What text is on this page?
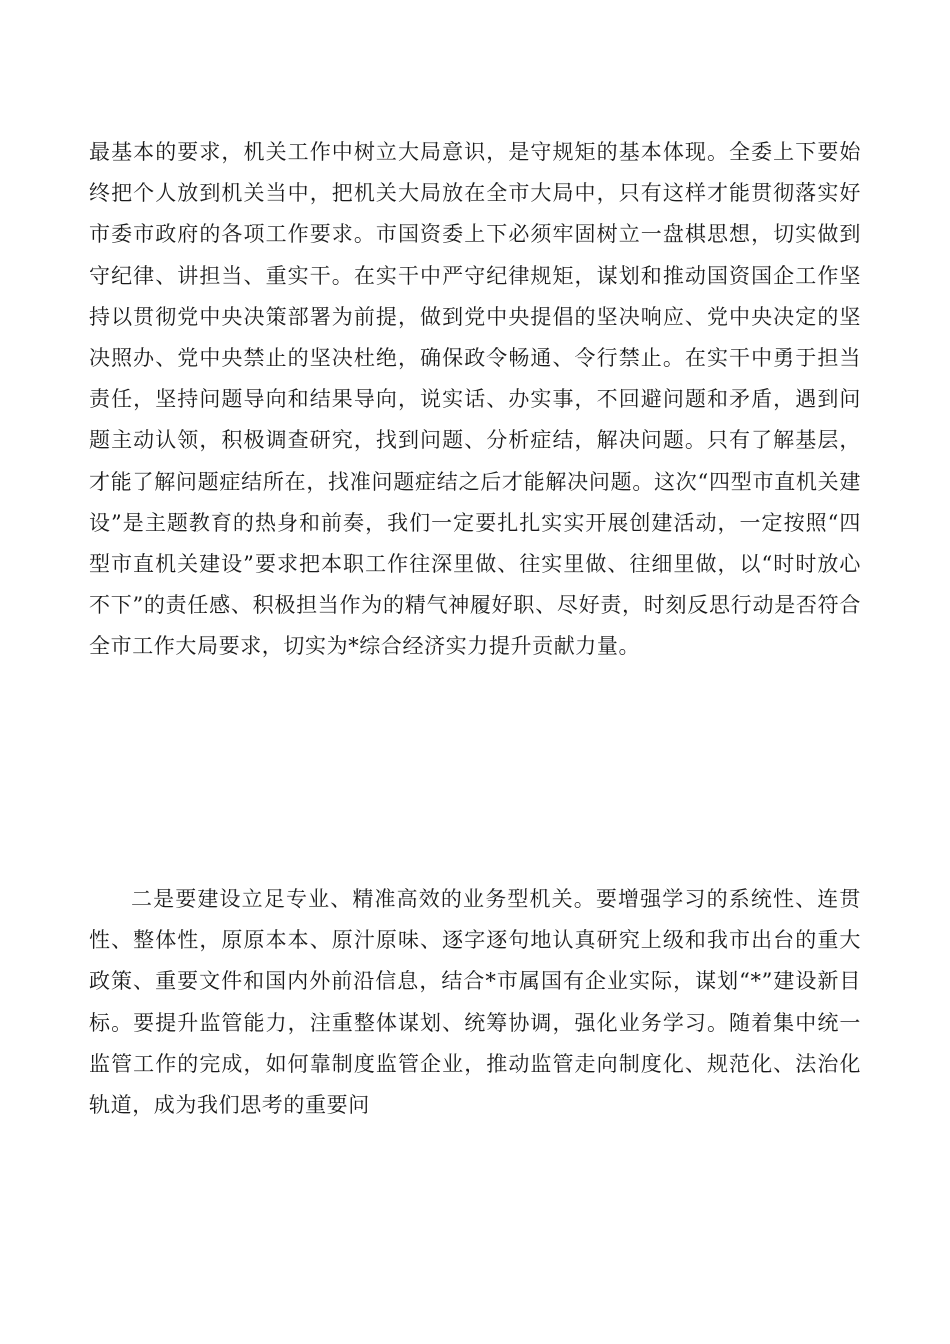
最基本的要求，机关工作中树立大局意识，是守规矩的基本体现。全委上下要始终把个人放到机关当中，把机关大局放在全市大局中，只有这样才能贯彻落实好市委市政府的各项工作要求。市国资委上下必须牢固树立一盘棋思想，切实做到守纪律、讲担当、重实干。在实干中严守纪律规矩，谋划和推动国资国企工作坚持以贯彻党中央决策部署为前提，做到党中央提倡的坚决响应、党中央决定的坚决照办、党中央禁止的坚决杜绝，确保政令畅通、令行禁止。在实干中勇于担当责任，坚持问题导向和结果导向，说实话、办实事，不回避问题和矛盾，遇到问题主动认领，积极调查研究，找到问题、分析症结，解决问题。只有了解基层，才能了解问题症结所在，找准问题症结之后才能解决问题。这次“四型市直机关建设”是主题教育的热身和前奏，我们一定要扎扎实实开展创建活动，一定按照“四型市直机关建设”要求把本职工作往深里做、往实里做、往细里做，以“时时放心不下”的责任感、积极担当作为的精气神履好职、尽好责，时刻反思行动是否符合全市工作大局要求，切实为*综合经济实力提升贡献力量。

二是要建设立足专业、精准高效的业务型机关。要增强学习的系统性、连贯性、整体性，原原本本、原汁原味、逐字逐句地认真研究上级和我市出台的重大政策、重要文件和国内外前沿信息，结合*市属国有企业实际，谋划“*”建设新目标。要提升监管能力，注重整体谋划、统筹协调，强化业务学习。随着集中统一监管工作的完成，如何靠制度监管企业，推动监管走向制度化、规范化、法治化轨道，成为我们思考的重要问
